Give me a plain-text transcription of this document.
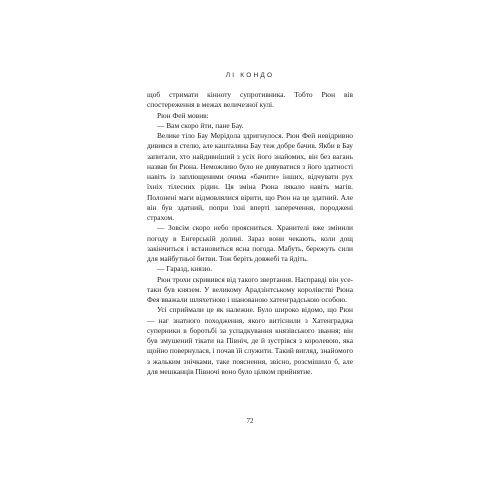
ЛІ КОНДО

щоб стримати кінноту супротивника. Тобто Рюн вів спостереження в межах величезної кулі.

Рюн Фей мовив:

— Вам скоро йти, пане Бау.

Велике тіло Бау Мерідола здригнулося. Рюн Фей невідривно дивився в стелю, але кашталяна Бау теж добре бачив. Якби в Бау запитали, хто найдивніший з усіх його знайомих, він без вагань назвав би Рюна. Неможливо було не дивуватися з його здатності навіть із заплющеними очима «бачити» інших, відчувати рух їхніх тілесних рідин. Ця зміна Рюна лякало навіть магів. Полонені маги відмовлялися вірити, що Рюн на це здатний. Але він був здатний, попри їхні вперті заперечення, породжені страхом.

— Зовсім скоро небо проясниться. Хранителі вже змінили погоду в Енгерській долині. Зараз вони чекають, коли дощ закінчиться і встановиться ясна погода. Мабуть, бережуть сили для майбутньої битви. Тож беріть довжебі та йдіть.

— Гаразд, князю.

Рюн трохи скривився від такого звертання. Насправді він усе-таки був князем. У великому Арадзінтському королівстві Рюна Фея вважали шляхетною і шанованою хатенградською особою.

Усі сприймали це як належне. Було широко відомо, що Рюн — наг знатного походження, якого витіснили з Хатенграджа суперники в боротьбі за успадкування князівського звання; він був змушений тікати на Північ, де й зустрівся з королевою, яка щойно повернулася, і почав їй служити. Такий вигляд, знайомого з жальким знічками, таке пояснення, звісно, розсмішило б, але для мешканців Півночі воно було цілком прийнятне.

72
